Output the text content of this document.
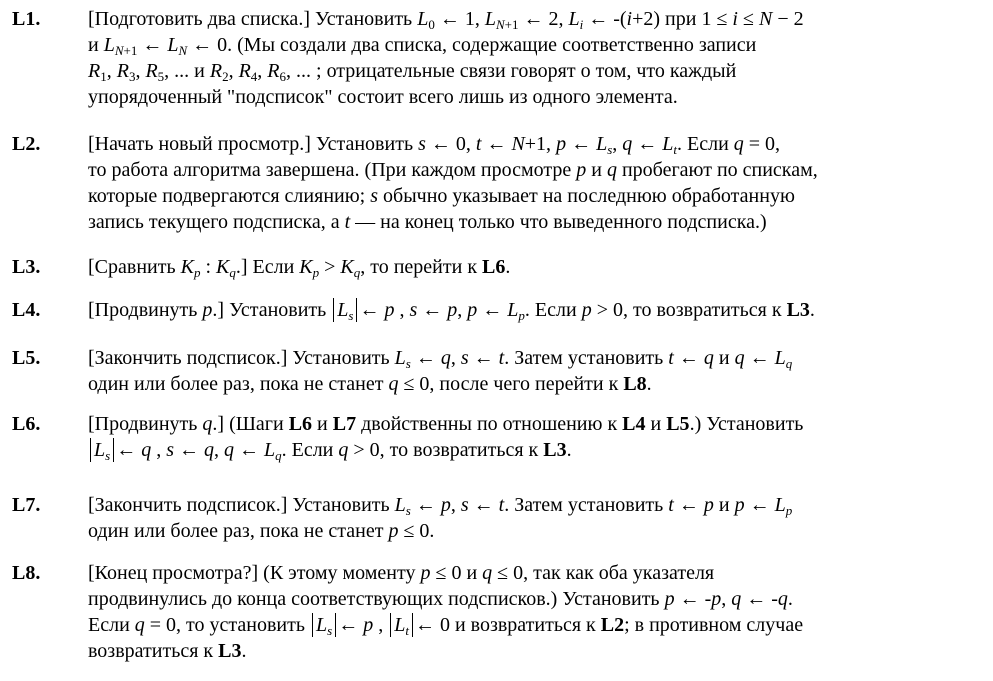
L1. [Подготовить два списка.] Установить $L_0$ ← 1, $L_{N+1}$ ← 2, $L_i$ ← -(i+2) при 1 ≤ i ≤ N − 2
и $L_{N+1}$ ← $L_N$ ← 0. (Мы создали два списка, содержащие соответственно записи
$R_1$, $R_3$, $R_5$, ... и $R_2$, $R_4$, $R_6$, ... ; отрицательные связи говорят о том, что каждый
упорядоченный "подсписок" состоит всего лишь из одного элемента.
L2. [Начать новый просмотр.] Установить s ← 0, t ← N+1, p ← $L_s$, q ← $L_t$. Если q = 0,
то работа алгоритма завершена. (При каждом просмотре p и q пробегают по спискам,
которые подвергаются слиянию; s обычно указывает на последнюю обработанную
запись текущего подсписка, а t — на конец только что выведенного подсписка.)
L3. [Сравнить $K_p$ : $K_q$.] Если $K_p > K_q$, то перейти к L6.
L4. [Продвинуть p.] Установить $L_s$ ← p , s ← p, p ← $L_p$. Если p > 0, то возвратиться к L3.
L5. [Закончить подсписок.] Установить $L_s$ ← q, s ← t. Затем установить t ← q и q ← $L_q$
один или более раз, пока не станет q ≤ 0, после чего перейти к L8.
L6. [Продвинуть q.] (Шаги L6 и L7 двойственны по отношению к L4 и L5.) Установить
$L_s$ ← q , s ← q, q ← $L_q$. Если q > 0, то возвратиться к L3.
L7. [Закончить подсписок.] Установить $L_s$ ← p, s ← t. Затем установить t ← p и p ← $L_p$
один или более раз, пока не станет p ≤ 0.
L8. [Конец просмотра?] (К этому моменту p ≤ 0 и q ≤ 0, так как оба указателя
продвинулись до конца соответствующих подсписков.) Установить p ← -p, q ← -q.
Если q = 0, то установить $L_s$ ← p , $L_t$ ← 0 и возвратиться к L2; в противном случае
возвратиться к L3.
